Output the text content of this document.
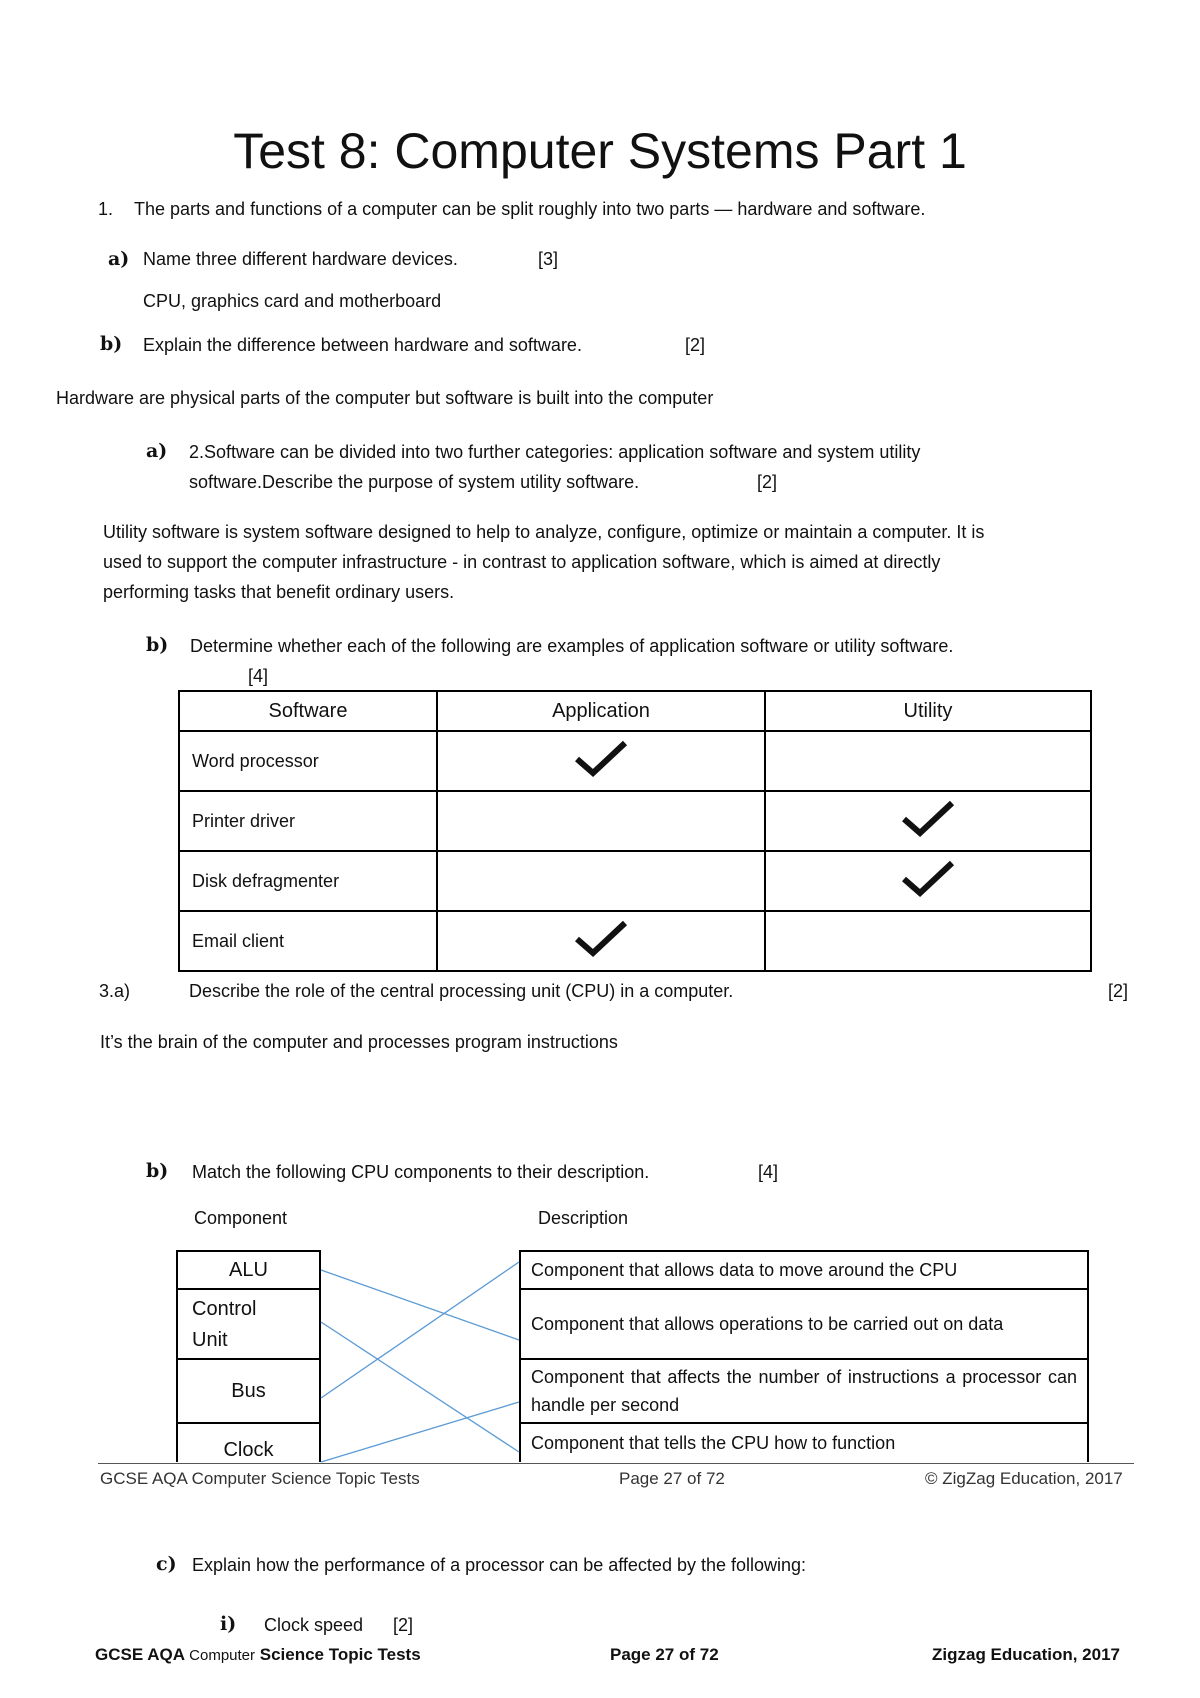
Test 8: Computer Systems Part 1
1. The parts and functions of a computer can be split roughly into two parts — hardware and software.
a) Name three different hardware devices.	[3]
CPU, graphics card and motherboard
b) Explain the difference between hardware and software.	[2]
Hardware are physical parts of the computer but software is built into the computer
a) 2.Software can be divided into two further categories: application software and system utility
software.Describe the purpose of system utility software.	[2]
Utility software is system software designed to help to analyze, configure, optimize or maintain a computer. It is
used to support the computer infrastructure - in contrast to application software, which is aimed at directly
performing tasks that benefit ordinary users.
b) Determine whether each of the following are examples of application software or utility software.
[4]
Software	Application	Utility
Word processor		
Printer driver		
Disk defragmenter		
Email client		
3.a)	Describe the role of the central processing unit (CPU) in a computer.	[2]
It’s the brain of the computer and processes program instructions
b) Match the following CPU components to their description.	[4]
Component	Description
ALU
Control Unit
Bus
Clock
Component that allows data to move around the CPU
Component that allows operations to be carried out on data
Component that affects the number of instructions a processor can handle per second
Component that tells the CPU how to function
GCSE AQA Computer Science Topic Tests	Page 27 of 72	© ZigZag Education, 2017
c) Explain how the performance of a processor can be affected by the following:
i) Clock speed [2]
GCSE AQA Computer Science Topic Tests	Page 27 of 72	Zigzag Education, 2017
